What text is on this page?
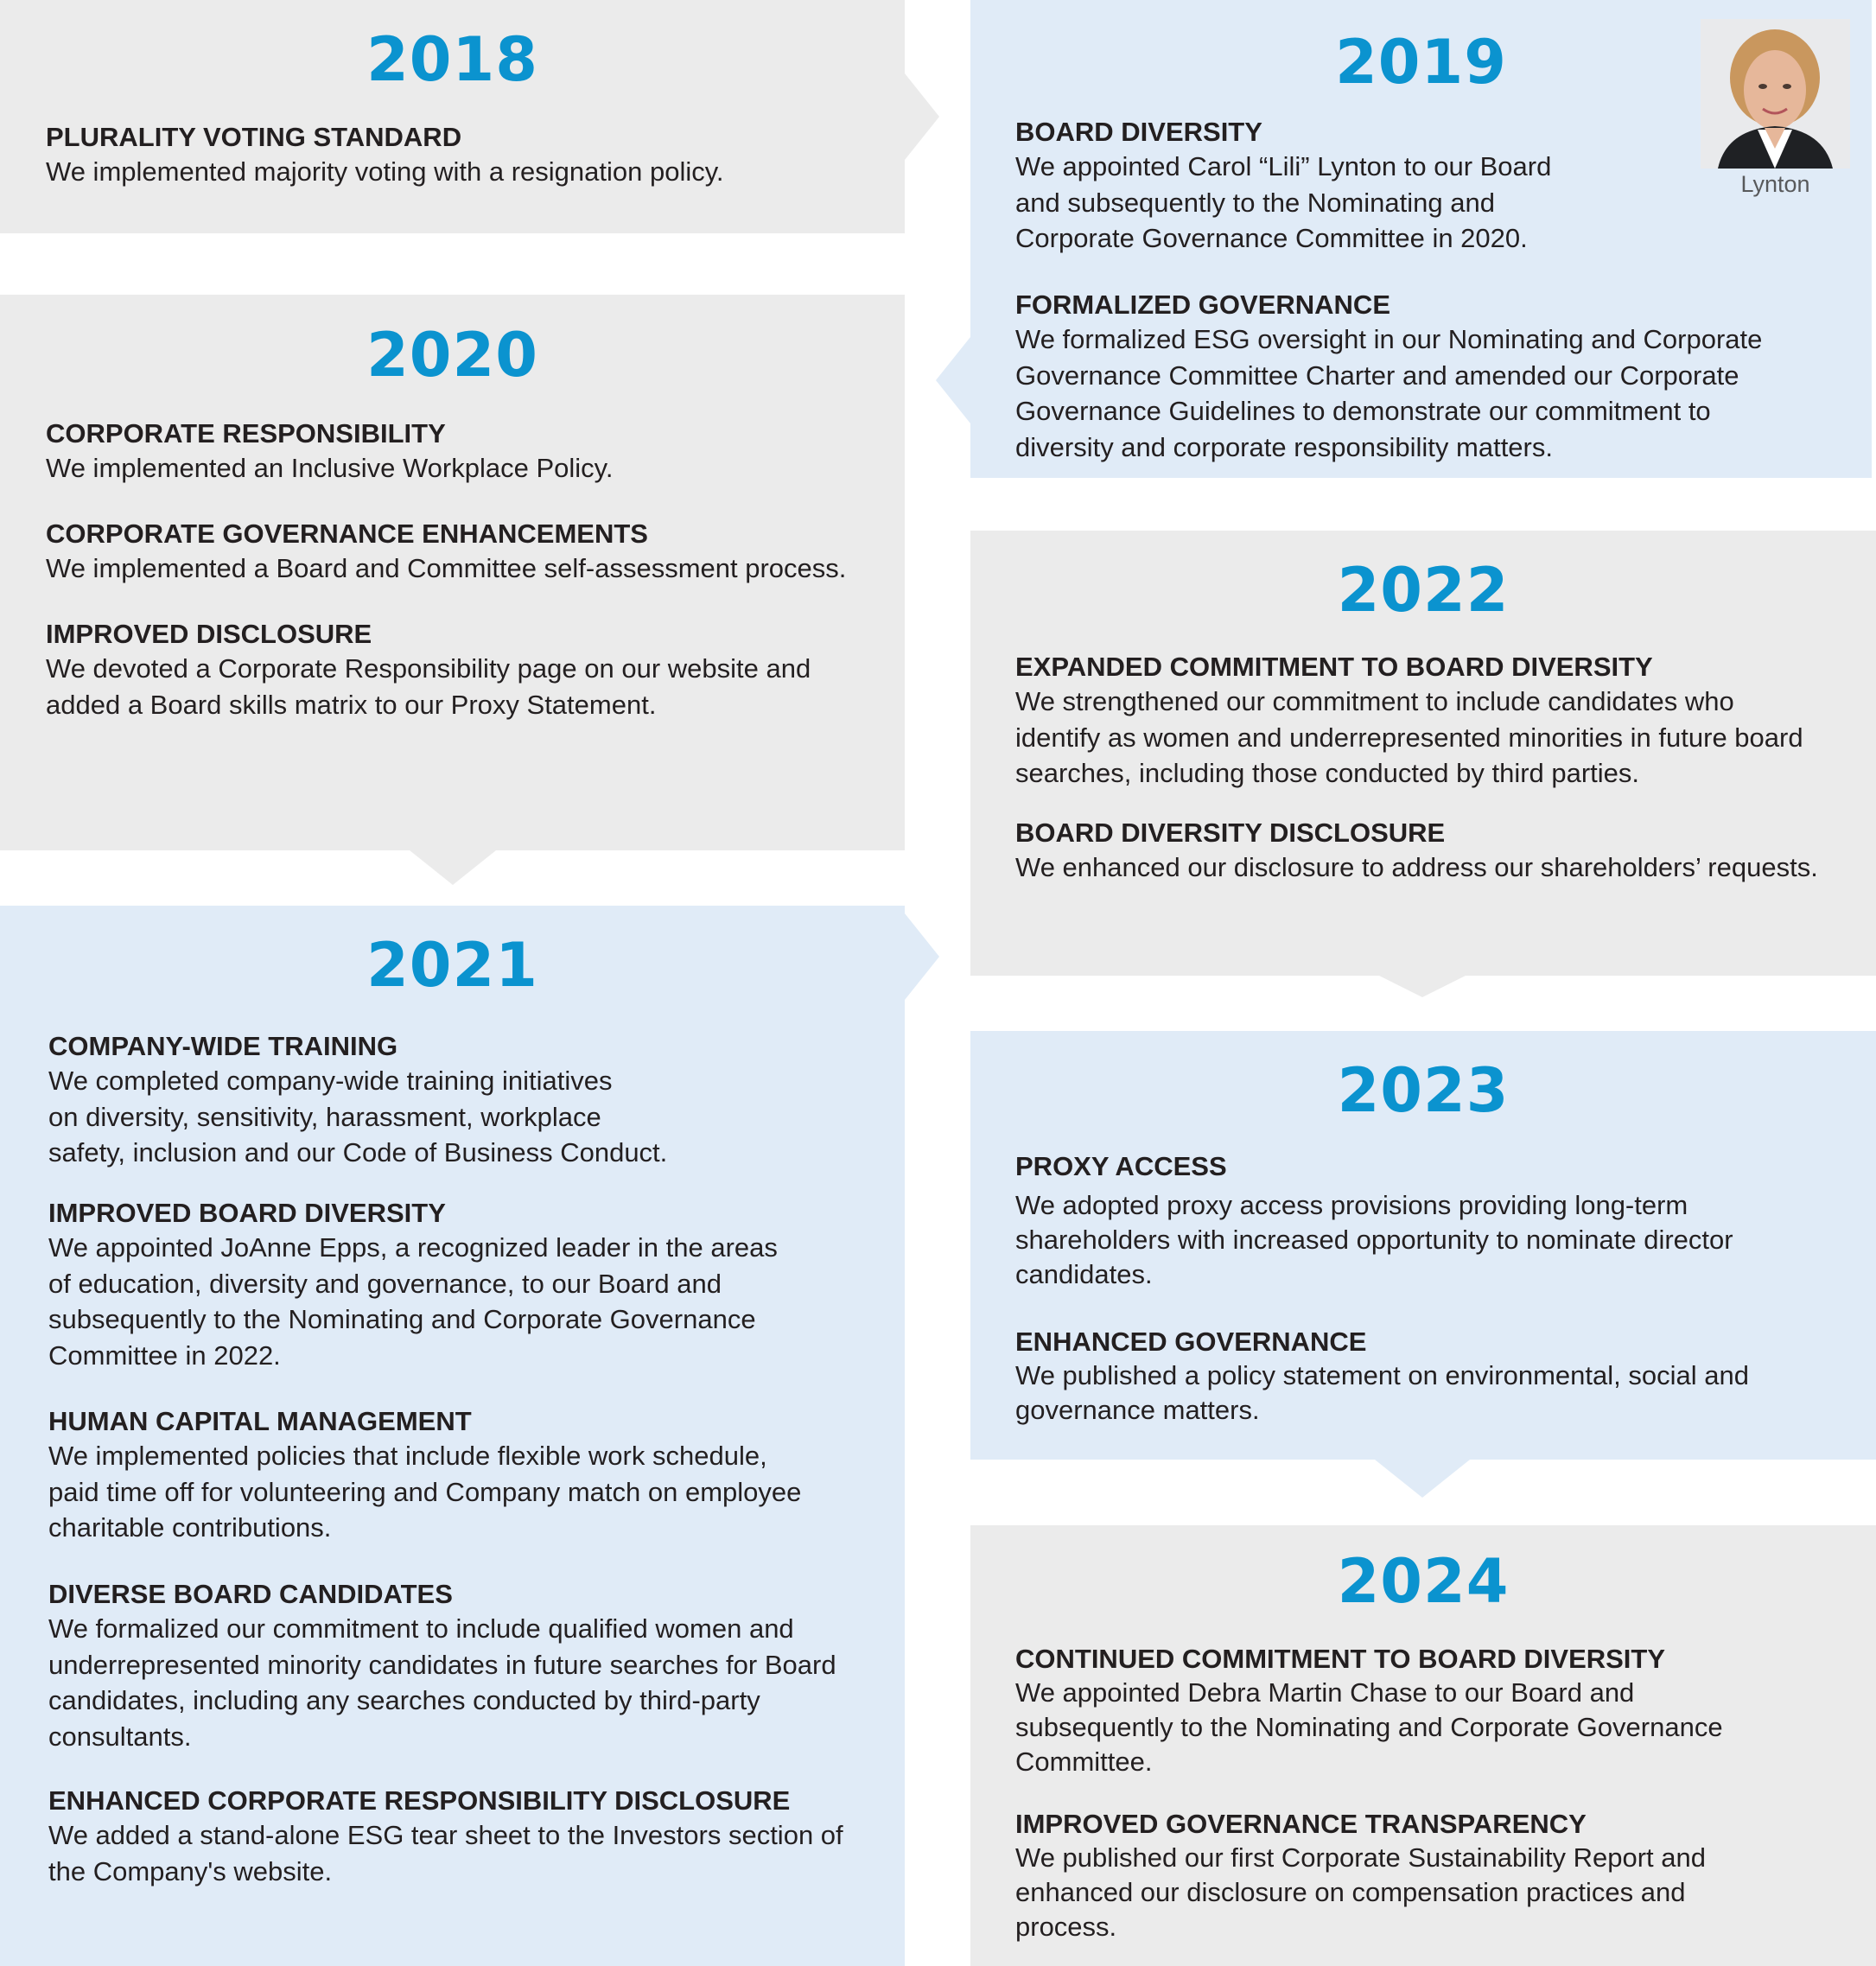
2018
PLURALITY VOTING STANDARD
We implemented majority voting with a resignation policy.
2020
CORPORATE RESPONSIBILITY
We implemented an Inclusive Workplace Policy.
CORPORATE GOVERNANCE ENHANCEMENTS
We implemented a Board and Committee self-assessment process.
IMPROVED DISCLOSURE
We devoted a Corporate Responsibility page on our website and
added a Board skills matrix to our Proxy Statement.
2021
COMPANY-WIDE TRAINING
We completed company-wide training initiatives
on diversity, sensitivity, harassment, workplace
safety, inclusion and our Code of Business Conduct.
IMPROVED BOARD DIVERSITY
We appointed JoAnne Epps, a recognized leader in the areas
of education, diversity and governance, to our Board and
subsequently to the Nominating and Corporate Governance
Committee in 2022.
HUMAN CAPITAL MANAGEMENT
We implemented policies that include flexible work schedule,
paid time off for volunteering and Company match on employee
charitable contributions.
DIVERSE BOARD CANDIDATES
We formalized our commitment to include qualified women and
underrepresented minority candidates in future searches for Board
candidates, including any searches conducted by third-party
consultants.
ENHANCED CORPORATE RESPONSIBILITY DISCLOSURE
We added a stand-alone ESG tear sheet to the Investors section of
the Company's website.
2019
BOARD DIVERSITY
We appointed Carol “Lili” Lynton to our Board
and subsequently to the Nominating and
Corporate Governance Committee in 2020.
FORMALIZED GOVERNANCE
We formalized ESG oversight in our Nominating and Corporate
Governance Committee Charter and amended our Corporate
Governance Guidelines to demonstrate our commitment to
diversity and corporate responsibility matters.
Lynton
2022
EXPANDED COMMITMENT TO BOARD DIVERSITY
We strengthened our commitment to include candidates who
identify as women and underrepresented minorities in future board
searches, including those conducted by third parties.
BOARD DIVERSITY DISCLOSURE
We enhanced our disclosure to address our shareholders’ requests.
2023
PROXY ACCESS
We adopted proxy access provisions providing long-term
shareholders with increased opportunity to nominate director
candidates.
ENHANCED GOVERNANCE
We published a policy statement on environmental, social and
governance matters.
2024
CONTINUED COMMITMENT TO BOARD DIVERSITY
We appointed Debra Martin Chase to our Board and
subsequently to the Nominating and Corporate Governance
Committee.
IMPROVED GOVERNANCE TRANSPARENCY
We published our first Corporate Sustainability Report and
enhanced our disclosure on compensation practices and
process.
